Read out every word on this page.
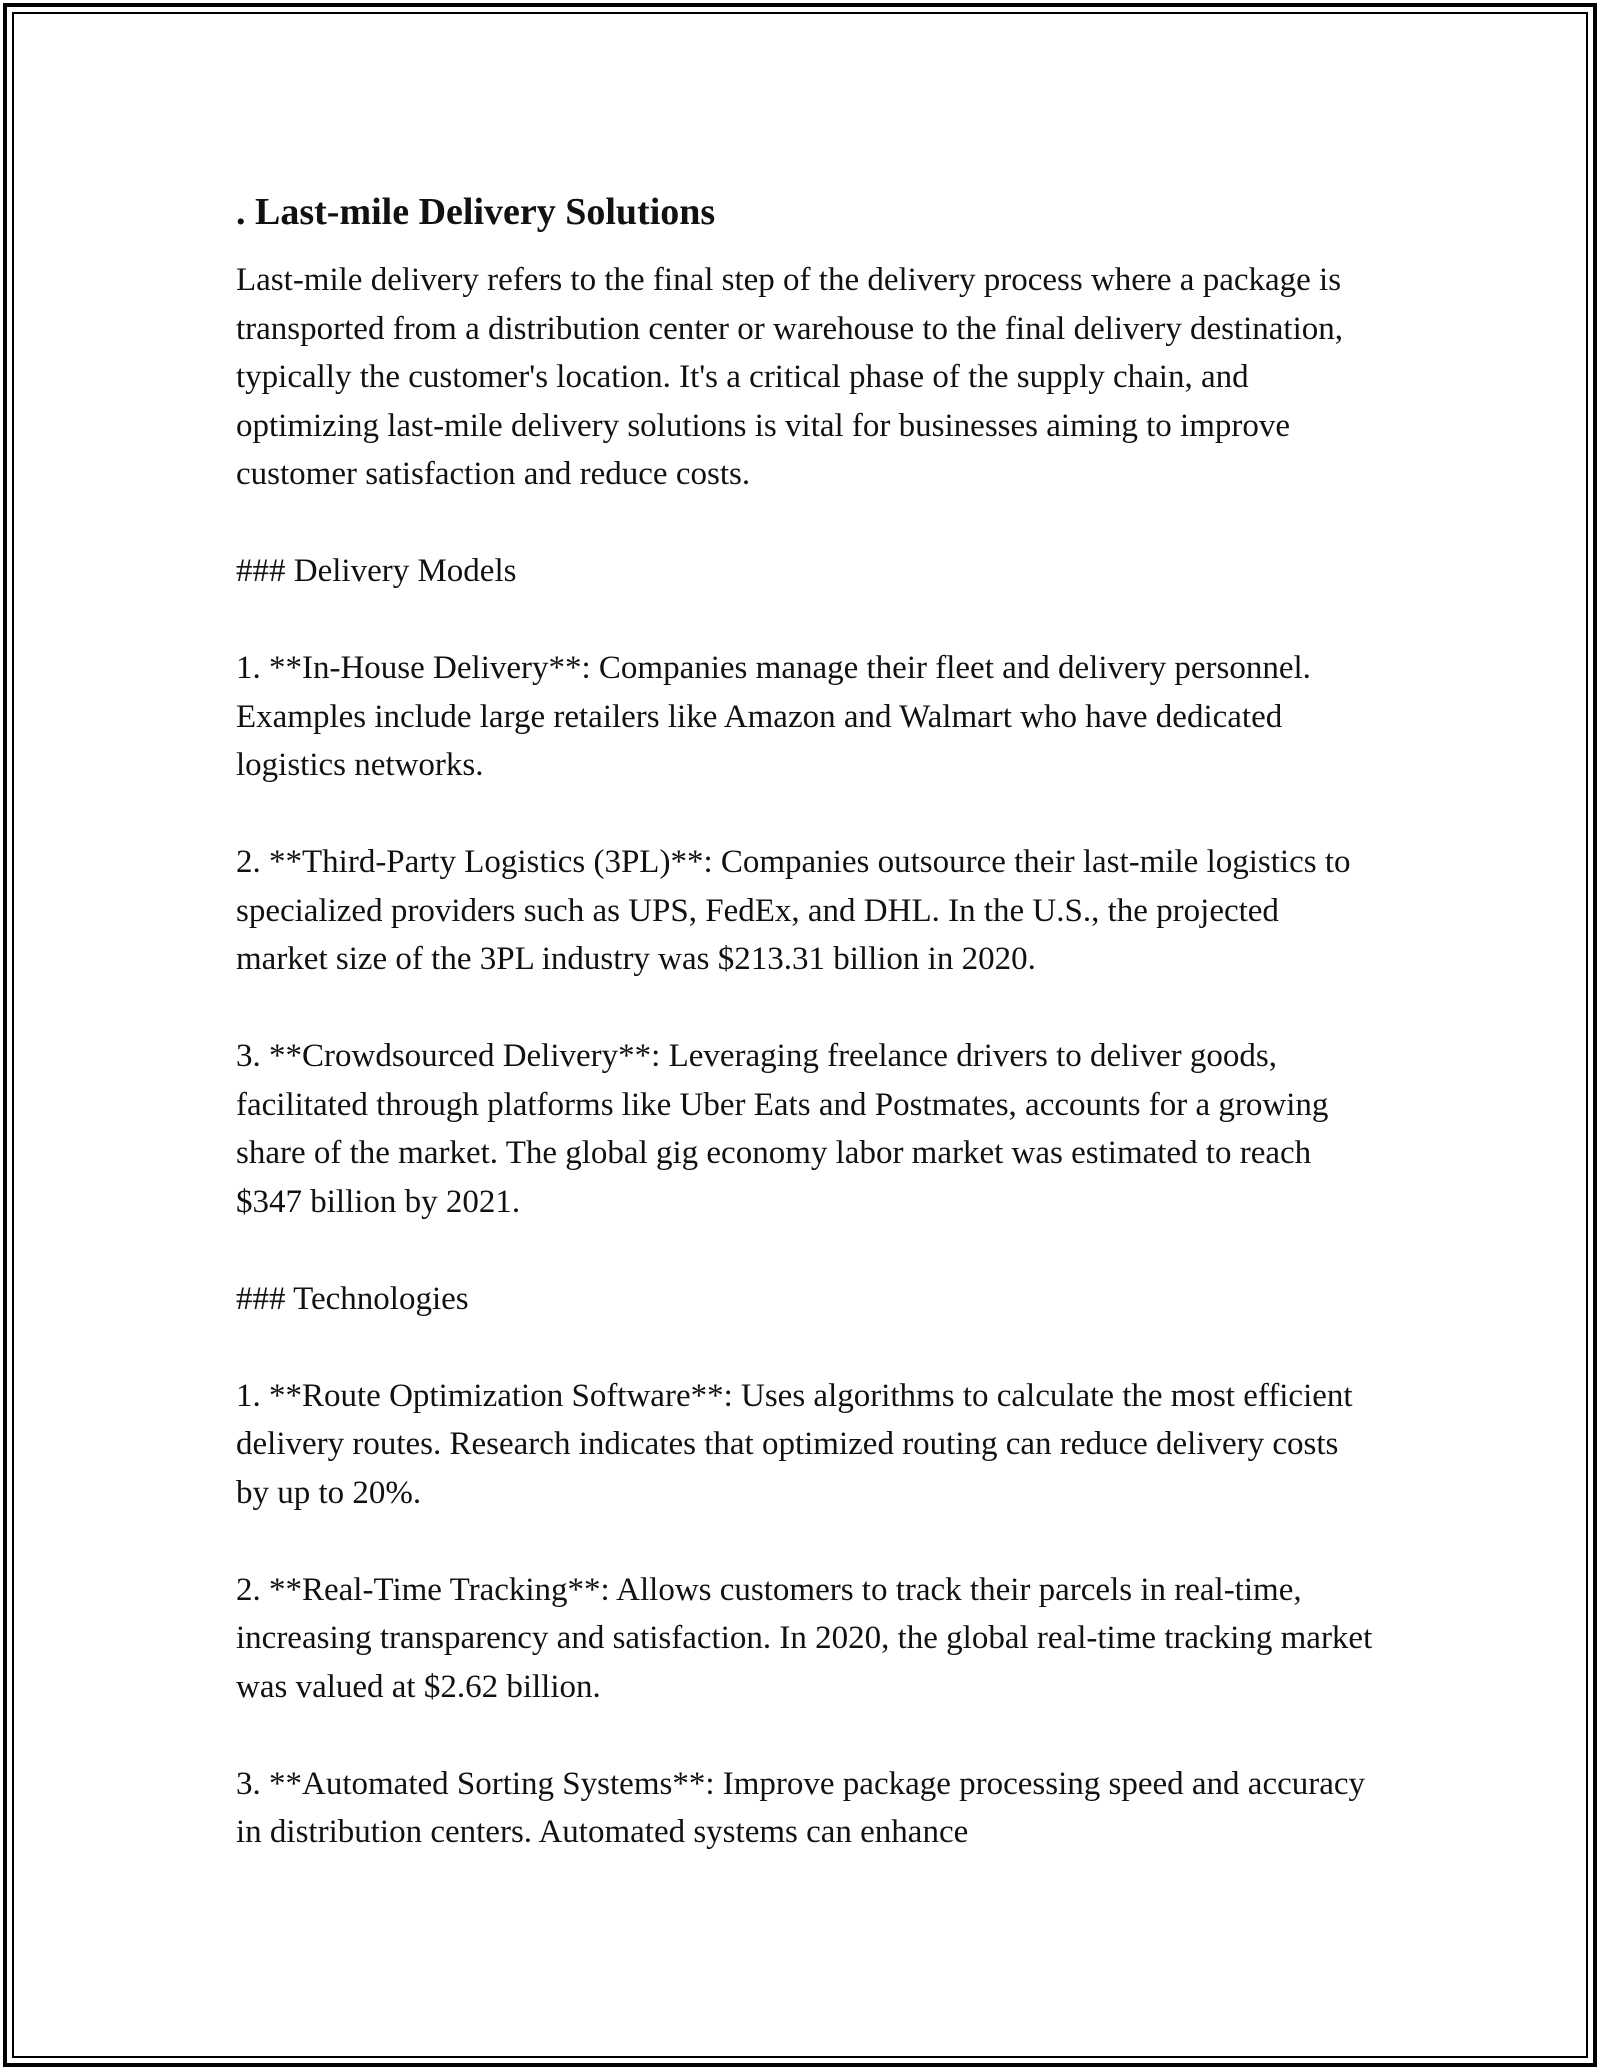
. Last-mile Delivery Solutions

Last-mile delivery refers to the final step of the delivery process where a package is transported from a distribution center or warehouse to the final delivery destination, typically the customer's location. It's a critical phase of the supply chain, and optimizing last-mile delivery solutions is vital for businesses aiming to improve customer satisfaction and reduce costs.

### Delivery Models

1. **In-House Delivery**: Companies manage their fleet and delivery personnel. Examples include large retailers like Amazon and Walmart who have dedicated logistics networks.

2. **Third-Party Logistics (3PL)**: Companies outsource their last-mile logistics to specialized providers such as UPS, FedEx, and DHL. In the U.S., the projected market size of the 3PL industry was $213.31 billion in 2020.

3. **Crowdsourced Delivery**: Leveraging freelance drivers to deliver goods, facilitated through platforms like Uber Eats and Postmates, accounts for a growing share of the market. The global gig economy labor market was estimated to reach $347 billion by 2021.

### Technologies

1. **Route Optimization Software**: Uses algorithms to calculate the most efficient delivery routes. Research indicates that optimized routing can reduce delivery costs by up to 20%.

2. **Real-Time Tracking**: Allows customers to track their parcels in real-time, increasing transparency and satisfaction. In 2020, the global real-time tracking market was valued at $2.62 billion.

3. **Automated Sorting Systems**: Improve package processing speed and accuracy in distribution centers. Automated systems can enhance
